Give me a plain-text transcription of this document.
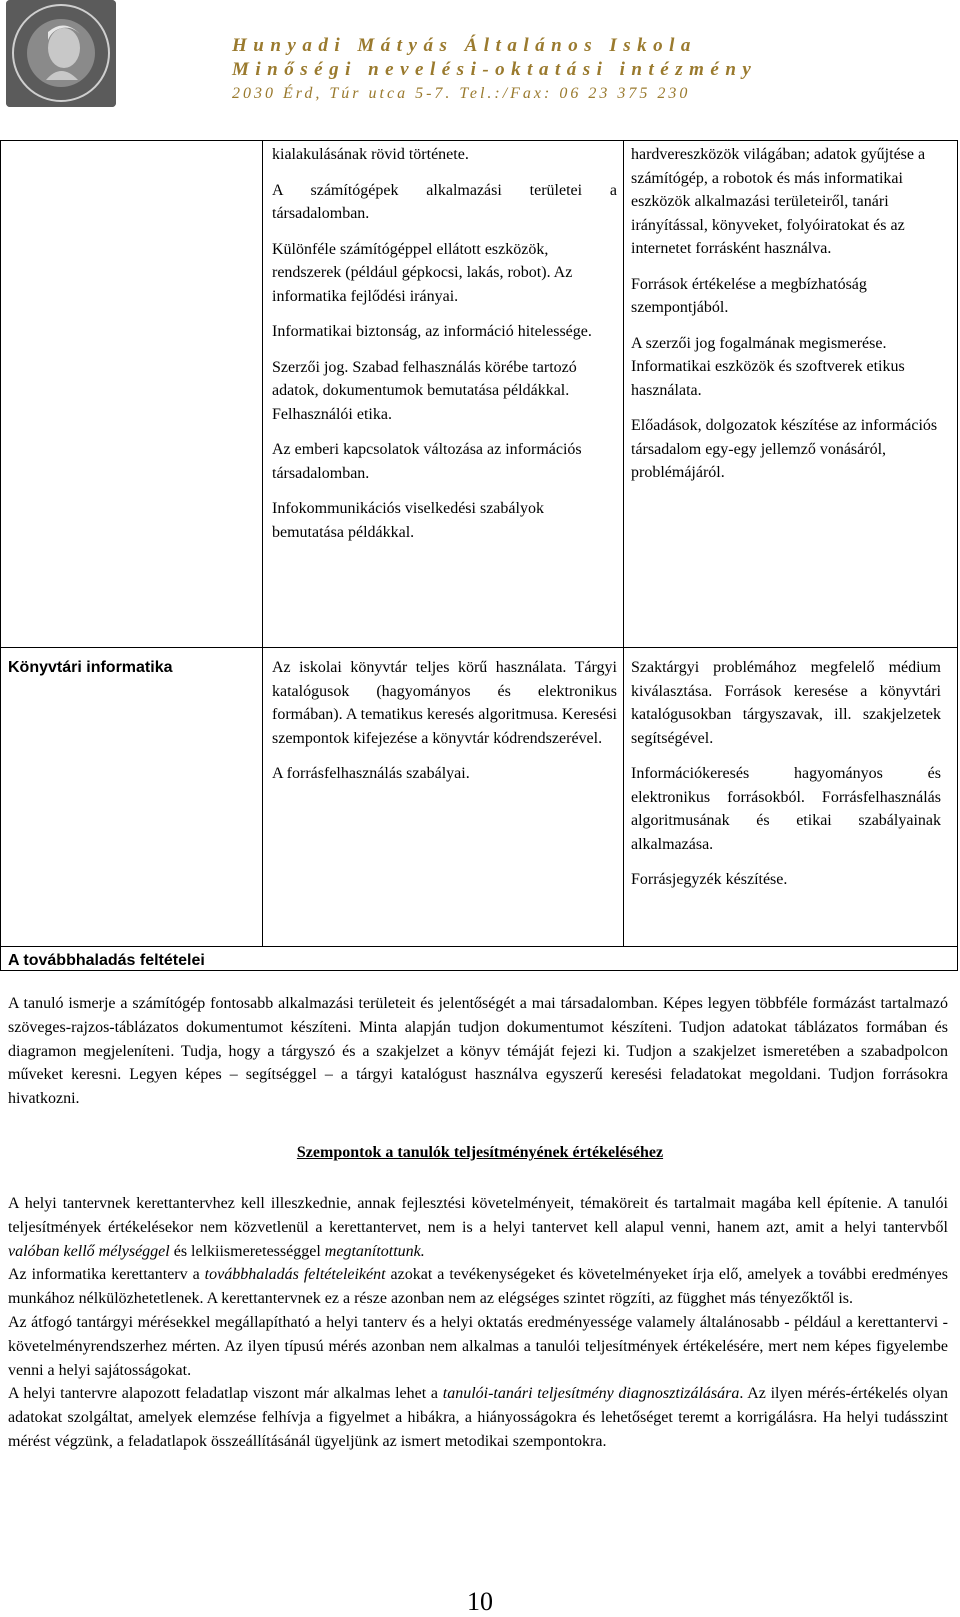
Hunyadi Mátyás Általános Iskola
Minőségi nevelési-oktatási intézmény
2030 Érd, Túr utca 5-7. Tel.:/Fax: 06 23 375 230

kialakulásának rövid története.

A számítógépek alkalmazási területei a társadalomban.

Különféle számítógéppel ellátott eszközök, rendszerek (például gépkocsi, lakás, robot). Az informatika fejlődési irányai.

Informatikai biztonság, az információ hitelessége.

Szerzői jog. Szabad felhasználás körébe tartozó adatok, dokumentumok bemutatása példákkal. Felhasználói etika.

Az emberi kapcsolatok változása az információs társadalomban.

Infokommunikációs viselkedési szabályok bemutatása példákkal.

hardvereszközök világában; adatok gyűjtése a számítógép, a robotok és más informatikai eszközök alkalmazási területeiről, tanári irányítással, könyveket, folyóiratokat és az internetet forrásként használva.

Források értékelése a megbízhatóság szempontjából.

A szerzői jog fogalmának megismerése. Informatikai eszközök és szoftverek etikus használata.

Előadások, dolgozatok készítése az információs társadalom egy-egy jellemző vonásáról, problémájáról.

Könyvtári informatika	Az iskolai könyvtár teljes körű használata. Tárgyi katalógusok (hagyományos és elektronikus formában). A tematikus keresés algoritmusa. Keresési szempontok kifejezése a könyvtár kódrendszerével.

A forrásfelhasználás szabályai.

Szaktárgyi problémához megfelelő médium kiválasztása. Források keresése a könyvtári katalógusokban tárgyszavak, ill. szakjelzetek segítségével.

Információkeresés hagyományos és elektronikus forrásokból. Forrásfelhasználás algoritmusának és etikai szabályainak alkalmazása.

Forrásjegyzék készítése.

A továbbhaladás feltételei

A tanuló ismerje a számítógép fontosabb alkalmazási területeit és jelentőségét a mai társadalomban. Képes legyen többféle formázást tartalmazó szöveges-rajzos-táblázatos dokumentumot készíteni. Minta alapján tudjon dokumentumot készíteni. Tudjon adatokat táblázatos formában és diagramon megjeleníteni. Tudja, hogy a tárgyszó és a szakjelzet a könyv témáját fejezi ki. Tudjon a szakjelzet ismeretében a szabadpolcon műveket keresni. Legyen képes – segítséggel – a tárgyi katalógust használva egyszerű keresési feladatokat megoldani. Tudjon forrásokra hivatkozni.

Szempontok a tanulók teljesítményének értékeléséhez

A helyi tantervnek kerettantervhez kell illeszkednie, annak fejlesztési követelményeit, témaköreit és tartalmait magába kell építenie. A tanulói teljesítmények értékelésekor nem közvetlenül a kerettantervet, nem is a helyi tantervet kell alapul venni, hanem azt, amit a helyi tantervből valóban kellő mélységgel és lelkiismeretességgel megtanítottunk.

Az informatika kerettanterv a továbbhaladás feltételeiként azokat a tevékenységeket és követelményeket írja elő, amelyek a további eredményes munkához nélkülözhetetlenek. A kerettantervnek ez a része azonban nem az elégséges szintet rögzíti, az függhet más tényezőktől is.

Az átfogó tantárgyi mérésekkel megállapítható a helyi tanterv és a helyi oktatás eredményessége valamely általánosabb - például a kerettantervi - követelményrendszerhez mérten. Az ilyen típusú mérés azonban nem alkalmas a tanulói teljesítmények értékelésére, mert nem képes figyelembe venni a helyi sajátosságokat.

A helyi tantervre alapozott feladatlap viszont már alkalmas lehet a tanulói-tanári teljesítmény diagnosztizálására. Az ilyen mérés-értékelés olyan adatokat szolgáltat, amelyek elemzése felhívja a figyelmet a hibákra, a hiányosságokra és lehetőséget teremt a korrigálásra. Ha helyi tudásszint mérést végzünk, a feladatlapok összeállításánál ügyeljünk az ismert metodikai szempontokra.

10
